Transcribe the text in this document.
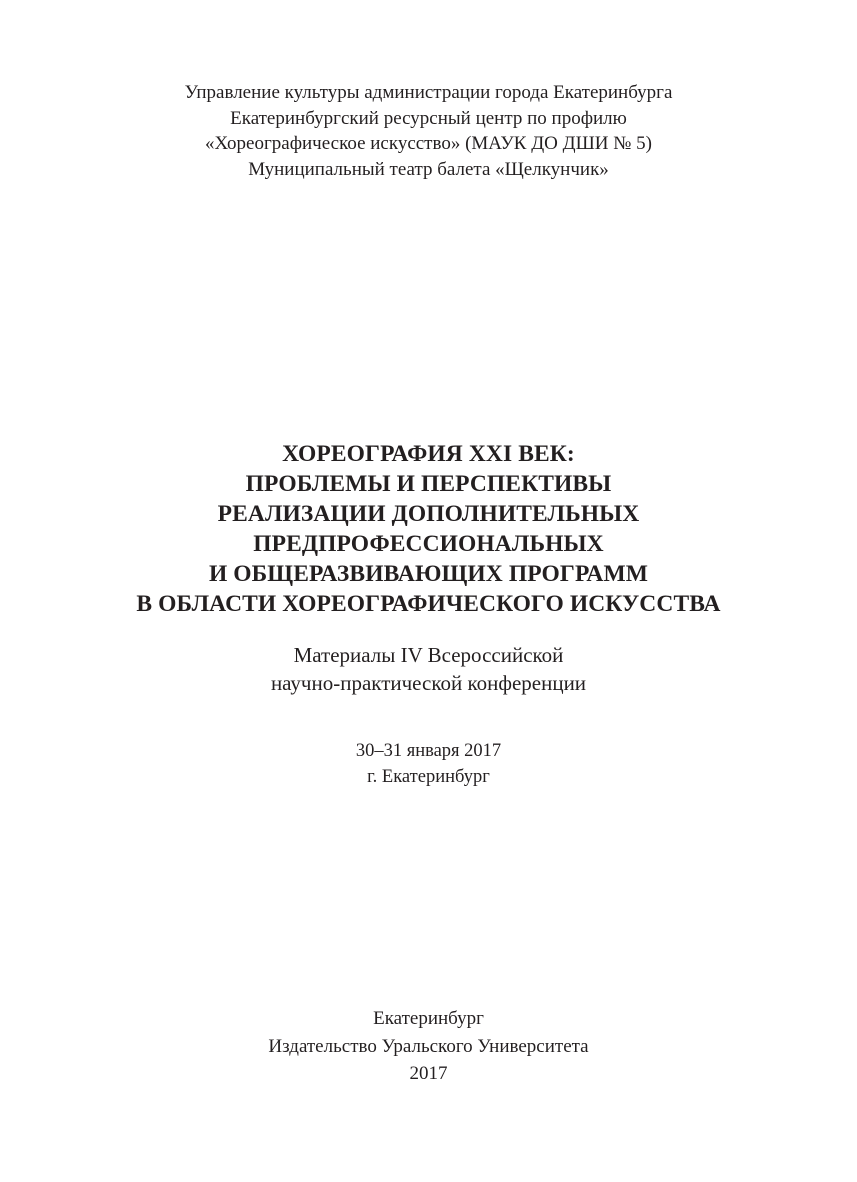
Управление культуры администрации города Екатеринбурга
Екатеринбургский ресурсный центр по профилю
«Хореографическое искусство» (МАУК ДО ДШИ № 5)
Муниципальный театр балета «Щелкунчик»
ХОРЕОГРАФИЯ XXI ВЕК:
ПРОБЛЕМЫ И ПЕРСПЕКТИВЫ
РЕАЛИЗАЦИИ ДОПОЛНИТЕЛЬНЫХ
ПРЕДПРОФЕССИОНАЛЬНЫХ
И ОБЩЕРАЗВИВАЮЩИХ ПРОГРАММ
В ОБЛАСТИ ХОРЕОГРАФИЧЕСКОГО ИСКУССТВА
Материалы IV Всероссийской
научно-практической конференции
30–31 января 2017
г. Екатеринбург
Екатеринбург
Издательство Уральского Университета
2017
